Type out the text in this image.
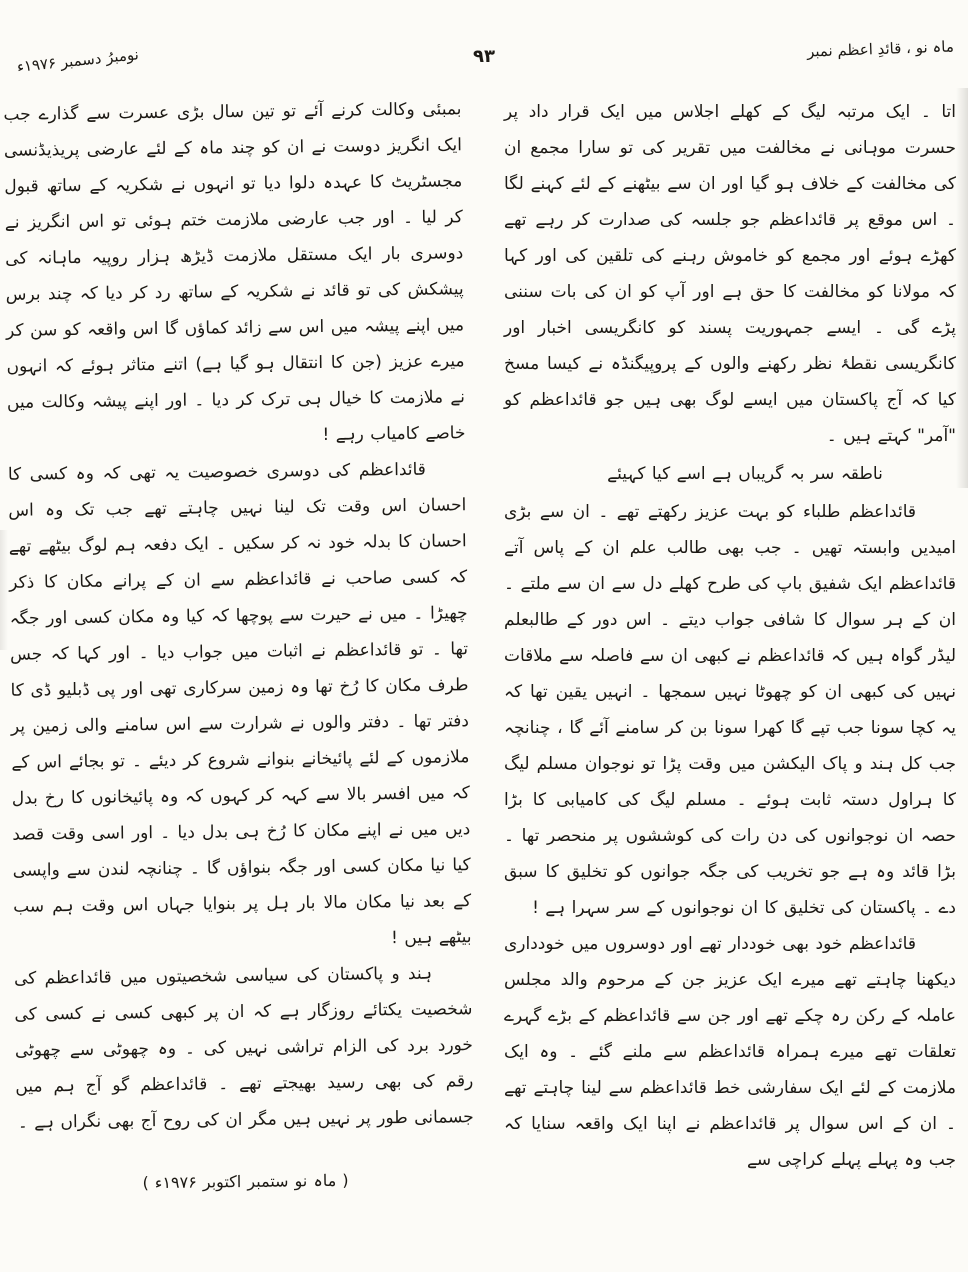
ماہ نو ، قائدِ اعظم نمبر
۹۳
نومبرُ دسمبر ۱۹۷۶ء

اتا ۔ ایک مرتبہ لیگ کے کھلے اجلاس میں ایک قرار داد پر حسرت موہانی نے مخالفت میں تقریر کی تو سارا مجمع ان کی مخالفت کے خلاف ہو گیا اور ان سے بیٹھنے کے لئے کہنے لگا ۔ اس موقع پر قائداعظم جو جلسہ کی صدارت کر رہے تھے کھڑے ہوئے اور مجمع کو خاموش رہنے کی تلقین کی اور کہا کہ مولانا کو مخالفت کا حق ہے اور آپ کو ان کی بات سننی پڑے گی ۔ ایسے جمہوریت پسند کو کانگریسی اخبار اور کانگریسی نقطۂ نظر رکھنے والوں کے پروپیگنڈہ نے کیسا مسخ کیا کہ آج پاکستان میں ایسے لوگ بھی ہیں جو قائداعظم کو "آمر" کہتے ہیں ۔

ناطقہ سر بہ گریباں ہے اسے کیا کہیئے

قائداعظم طلباء کو بہت عزیز رکھتے تھے ۔ ان سے بڑی امیدیں وابستہ تھیں ۔ جب بھی طالب علم ان کے پاس آتے قائداعظم ایک شفیق باپ کی طرح کھلے دل سے ان سے ملتے ۔ ان کے ہر سوال کا شافی جواب دیتے ۔ اس دور کے طالبعلم لیڈر گواہ ہیں کہ قائداعظم نے کبھی ان سے فاصلہ سے ملاقات نہیں کی کبھی ان کو چھوٹا نہیں سمجھا ۔ انہیں یقین تھا کہ یہ کچا سونا جب تپے گا کھرا سونا بن کر سامنے آئے گا ، چنانچہ جب کل ہند و پاک الیکشن میں وقت پڑا تو نوجوان مسلم لیگ کا ہراول دستہ ثابت ہوئے ۔ مسلم لیگ کی کامیابی کا بڑا حصہ ان نوجوانوں کی دن رات کی کوششوں پر منحصر تھا ۔ بڑا قائد وہ ہے جو تخریب کی جگہ جوانوں کو تخلیق کا سبق دے ۔ پاکستان کی تخلیق کا ان نوجوانوں کے سر سہرا ہے !

قائداعظم خود بھی خوددار تھے اور دوسروں میں خودداری دیکھنا چاہتے تھے میرے ایک عزیز جن کے مرحوم والد مجلس عاملہ کے رکن رہ چکے تھے اور جن سے قائداعظم کے بڑے گہرے تعلقات تھے میرے ہمراہ قائداعظم سے ملنے گئے ۔ وہ ایک ملازمت کے لئے ایک سفارشی خط قائداعظم سے لینا چاہتے تھے ۔ ان کے اس سوال پر قائداعظم نے اپنا ایک واقعہ سنایا کہ جب وہ پہلے پہلے کراچی سے

بمبئی وکالت کرنے آئے تو تین سال بڑی عسرت سے گذارے جب ایک انگریز دوست نے ان کو چند ماہ کے لئے عارضی پریذیڈنسی مجسٹریٹ کا عہدہ دلوا دیا تو انہوں نے شکریہ کے ساتھ قبول کر لیا ۔ اور جب عارضی ملازمت ختم ہوئی تو اس انگریز نے دوسری بار ایک مستقل ملازمت ڈیڑھ ہزار روپیہ ماہانہ کی پیشکش کی تو قائد نے شکریہ کے ساتھ رد کر دیا کہ چند برس میں اپنے پیشہ میں اس سے زائد کماؤں گا اس واقعہ کو سن کر میرے عزیز (جن کا انتقال ہو گیا ہے) اتنے متاثر ہوئے کہ انہوں نے ملازمت کا خیال ہی ترک کر دیا ۔ اور اپنے پیشہ وکالت میں خاصے کامیاب رہے !

قائداعظم کی دوسری خصوصیت یہ تھی کہ وہ کسی کا احسان اس وقت تک لینا نہیں چاہتے تھے جب تک وہ اس احسان کا بدلہ خود نہ کر سکیں ۔ ایک دفعہ ہم لوگ بیٹھے تھے کہ کسی صاحب نے قائداعظم سے ان کے پرانے مکان کا ذکر چھیڑا ۔ میں نے حیرت سے پوچھا کہ کیا وہ مکان کسی اور جگہ تھا ۔ تو قائداعظم نے اثبات میں جواب دیا ۔ اور کہا کہ جس طرف مکان کا رُخ تھا وہ زمین سرکاری تھی اور پی ڈبلیو ڈی کا دفتر تھا ۔ دفتر والوں نے شرارت سے اس سامنے والی زمین پر ملازموں کے لئے پائیخانے بنوانے شروع کر دیئے ۔ تو بجائے اس کے کہ میں افسر بالا سے کہہ کر کہوں کہ وہ پائیخانوں کا رخ بدل دیں میں نے اپنے مکان کا رُخ ہی بدل دیا ۔ اور اسی وقت قصد کیا نیا مکان کسی اور جگہ بنواؤں گا ۔ چنانچہ لندن سے واپسی کے بعد نیا مکان مالا بار ہل پر بنوایا جہاں اس وقت ہم سب بیٹھے ہیں !

ہند و پاکستان کی سیاسی شخصیتوں میں قائداعظم کی شخصیت یکتائے روزگار ہے کہ ان پر کبھی کسی نے کسی کی خورد برد کی الزام تراشی نہیں کی ۔ وہ چھوٹی سے چھوٹی رقم کی بھی رسید بھیجتے تھے ۔ قائداعظم گو آج ہم میں جسمانی طور پر نہیں ہیں مگر ان کی روح آج بھی نگراں ہے ۔

( ماہ نو ستمبر اکتوبر ۱۹۷۶ء )
